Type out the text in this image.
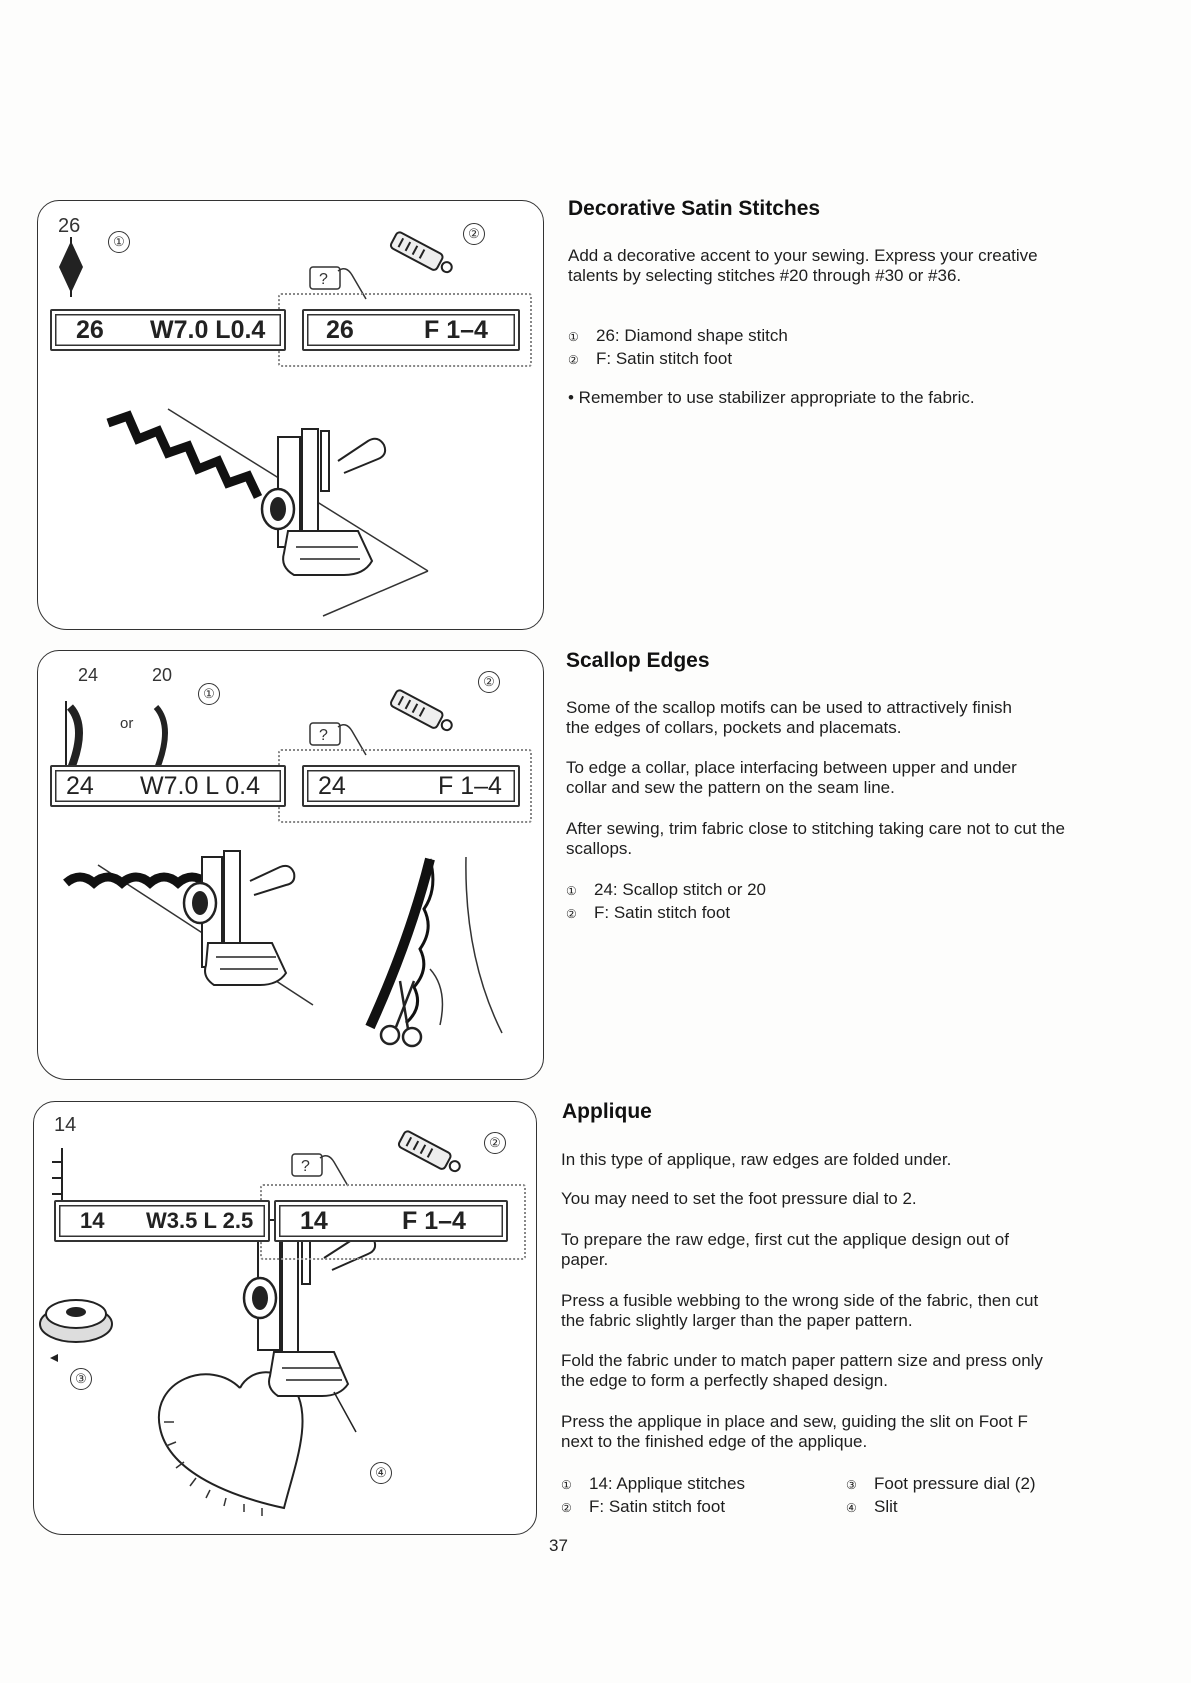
?
26
①
②
26 W7.0 L0.4 26	F 1–4
Decorative Satin Stitches
Add a decorative accent to your sewing. Express your creative talents by selecting stitches #20 through #30 or #36.
① 26: Diamond shape stitch
② F: Satin stitch foot
• Remember to use stabilizer appropriate to the fabric.
?
24	20
or
①
②
24 W7.0 L 0.4 24	F 1–4
Scallop Edges
Some of the scallop motifs can be used to attractively finish the edges of collars, pockets and placemats.
To edge a collar, place interfacing between upper and under collar and sew the pattern on the seam line.
After sewing, trim fabric close to stitching taking care not to cut the scallops.
① 24: Scallop stitch or 20
② F: Satin stitch foot
?
14
②
③
④
14 W3.5 L 2.5 14	F 1–4
Applique
In this type of applique, raw edges are folded under.
You may need to set the foot pressure dial to 2.
To prepare the raw edge, first cut the applique design out of paper.
Press a fusible webbing to the wrong side of the fabric, then cut the fabric slightly larger than the paper pattern.
Fold the fabric under to match paper pattern size and press only the edge to form a perfectly shaped design.
Press the applique in place and sew, guiding the slit on Foot F next to the finished edge of the applique.
① 14: Applique stitches
② F: Satin stitch foot
③ Foot pressure dial (2)
④ Slit
37
